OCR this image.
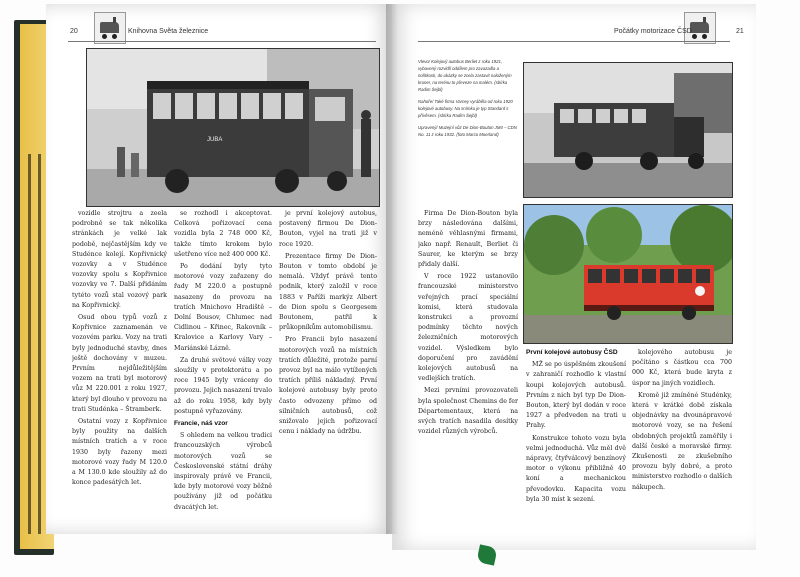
20	Knihovna Světa železnice
JUBA

vozidle strojtru a zeela podrobně se tak několika stránkách je velké lak podobě, nejčastějším kdy ve Studénce kolejí. Kopřivnický vozovky a v Studénce vozovky spolu s Kopřivnice vozovky ve 7. Další přidáním tytéto vozů stal vozový park na Kopřivnický.

Osud obou typů vozů z Kopřivnice zaznamenán ve vozovém parku. Vozy na trati byly jednoduché stavby, dnes ještě dochovány v muzeu. Prvním nejdůležitějším vozem na trati byl motorový vůz M 220.001 z roku 1927, který byl dlouho v provozu na trati Studénka – Štramberk.

Ostatní vozy z Kopřivnice byly použity na dalších místních tratích a v roce 1930 byly řazeny mezi motorové vozy řady M 120.0 a M 130.0 kde sloužily až do konce padesátých let.

se rozhodl i akceptovat. Celková pořizovací cena vozidla byla 2 748 000 Kč, takže tímto krokem bylo ušetřeno více než 400 000 Kč.

Po dodání byly tyto motorové vozy zařazeny do řady M 220.0 a postupně nasazeny do provozu na tratích Mnichovo Hradiště – Dolní Bousov, Chlumec nad Cidlinou – Křinec, Rakovník – Kralovice a Karlovy Vary – Mariánské Lázně.

Za druhé světové války vozy sloužily v protektorátu a po roce 1945 byly vráceny do provozu. Jejich nasazení trvalo až do roku 1958, kdy byly postupně vyřazovány.

Francie, náš vzor

S ohledem na velkou tradici francouzských výrobců motorových vozů se Československé státní dráhy inspirovaly právě ve Francii, kde byly motorové vozy běžně používány již od počátku dvacátých let.

je první kolejový autobus, postavený firmou De Dion-Bouton, vyjel na trati již v roce 1920.

Prezentace firmy De Dion-Bouton v tomto období je nemalá. Vždyť právě tento podnik, který založil v roce 1883 v Paříži markýz Albert de Dion spolu s Georgesem Boutonem, patřil k průkopníkům automobilismu.

Pro Francii bylo nasazení motorových vozů na místních tratích důležité, protože parní provoz byl na málo vytížených tratích příliš nákladný. První kolejové autobusy byly proto často odvozeny přímo od silničních autobusů, což snižovalo jejich pořizovací cenu i náklady na údržbu.

Počátky motorizace ČSD	21

Vlevo/ Kolejový autobus Berliet z roku 1921, vybavený rozvidlí oddílem pro zavazadla a nořitkosti, do ukázky se zcela zastavit naloženým kroner, na terénu to převeze na malém. (sbírka Radim Šejbl)

Nahoře/ Také firma Varney vyráběla od roku 1920 kolejové autobusy. Na snímku je typ Standard s přívěsem. (sbírka Radim Šejbl)

Upravený/ Muzejní vůz De Dion-Bouton JM4 – CDN No. 11 z roku 1932. (foto Marco Moerland)

Firma De Dion-Bouton byla brzy následována dalšími, neméně věhlasnými firmami, jako např. Renault, Berliet či Saurer, ke kterým se brzy přidaly další.

V roce 1922 ustanovilo francouzské ministerstvo veřejných prací speciální komisi, která studovala konstrukci a provozní podmínky těchto nových železničních motorových vozidel. Výsledkem bylo doporučení pro zavádění kolejových autobusů na vedlejších tratích.

Mezi prvními provozovateli byla společnost Chemins de fer Départementaux, která na svých tratích nasadila desítky vozidel různých výrobců.

První kolejové autobusy ČSD

MŽ se po úspěšném zkoušení v zahraničí rozhodlo k vlastní koupi kolejových autobusů. Prvním z nich byl typ De Dion-Bouton, který byl dodán v roce 1927 a předveden na trati u Prahy.

Konstrukce tohoto vozu byla velmi jednoduchá. Vůz měl dvě nápravy, čtyřválcový benzínový motor o výkonu přibližně 40 koní a mechanickou převodovku. Kapacita vozu byla 30 míst k sezení.

kolejového autobusu je počítáno s částkou cca 700 000 Kč, která bude kryta z úspor na jiných vozidlech.

Kromě již zmíněné Studénky, která v krátké době získala objednávky na dvounápravové motorové vozy, se na řešení obdobných projektů zaměřily i další české a moravské firmy. Zkušenosti ze zkušebního provozu byly dobré, a proto ministerstvo rozhodlo o dalších nákupech.
